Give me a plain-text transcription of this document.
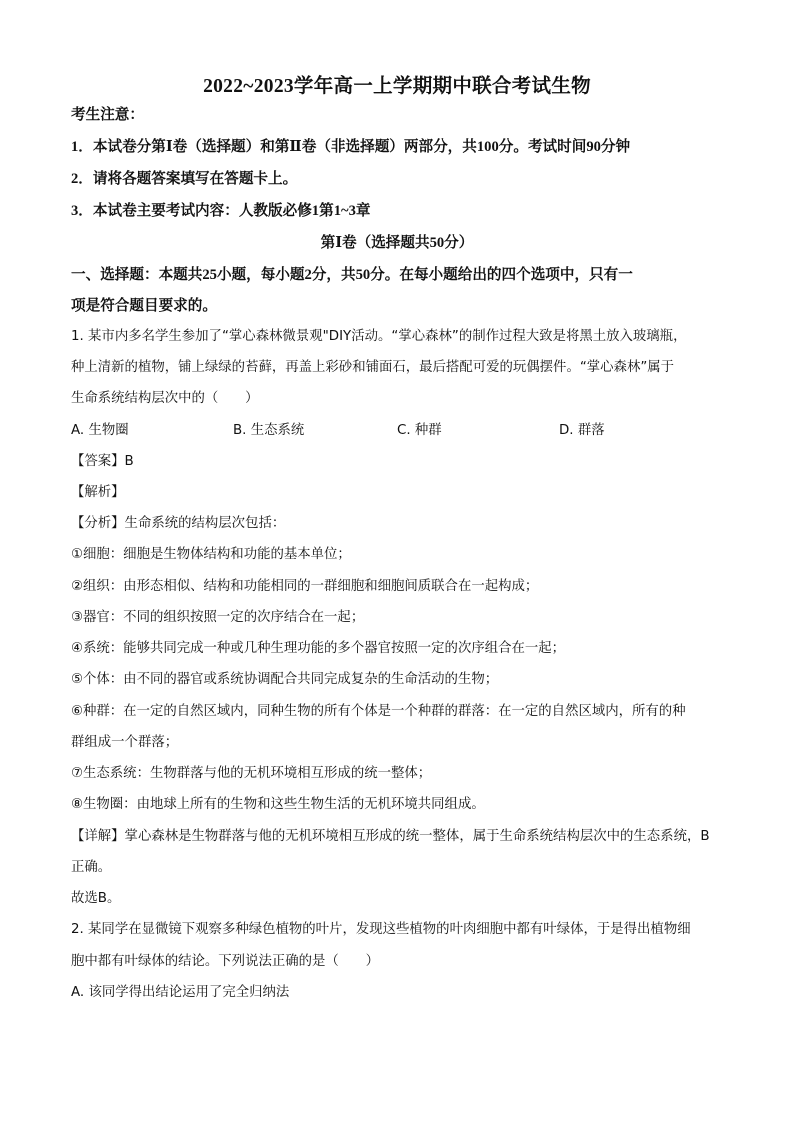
2022~2023学年高一上学期期中联合考试生物
考生注意：
1．本试卷分第Ⅰ卷（选择题）和第Ⅱ卷（非选择题）两部分，共100分。考试时间90分钟
2．请将各题答案填写在答题卡上。
3．本试卷主要考试内容：人教版必修1第1~3章
第Ⅰ卷（选择题共50分）
一、选择题：本题共25小题，每小题2分，共50分。在每小题给出的四个选项中，只有一
项是符合题目要求的。
1. 某市内多名学生参加了“掌心森林微景观"DIY活动。“掌心森林”的制作过程大致是将黑土放入玻璃瓶，
种上清新的植物，铺上绿绿的苔藓，再盖上彩砂和铺面石，最后搭配可爱的玩偶摆件。“掌心森林”属于
生命系统结构层次中的（　　）
A. 生物圈	B. 生态系统	C. 种群	D. 群落
【答案】B
【解析】
【分析】生命系统的结构层次包括：
①细胞：细胞是生物体结构和功能的基本单位；
②组织：由形态相似、结构和功能相同的一群细胞和细胞间质联合在一起构成；
③器官：不同的组织按照一定的次序结合在一起；
④系统：能够共同完成一种或几种生理功能的多个器官按照一定的次序组合在一起；
⑤个体：由不同的器官或系统协调配合共同完成复杂的生命活动的生物；
⑥种群：在一定的自然区域内，同种生物的所有个体是一个种群的群落：在一定的自然区域内，所有的种
群组成一个群落；
⑦生态系统：生物群落与他的无机环境相互形成的统一整体；
⑧生物圈：由地球上所有的生物和这些生物生活的无机环境共同组成。
【详解】掌心森林是生物群落与他的无机环境相互形成的统一整体，属于生命系统结构层次中的生态系统，B
正确。
故选B。
2. 某同学在显微镜下观察多种绿色植物的叶片，发现这些植物的叶肉细胞中都有叶绿体，于是得出植物细
胞中都有叶绿体的结论。下列说法正确的是（　　）
A. 该同学得出结论运用了完全归纳法
